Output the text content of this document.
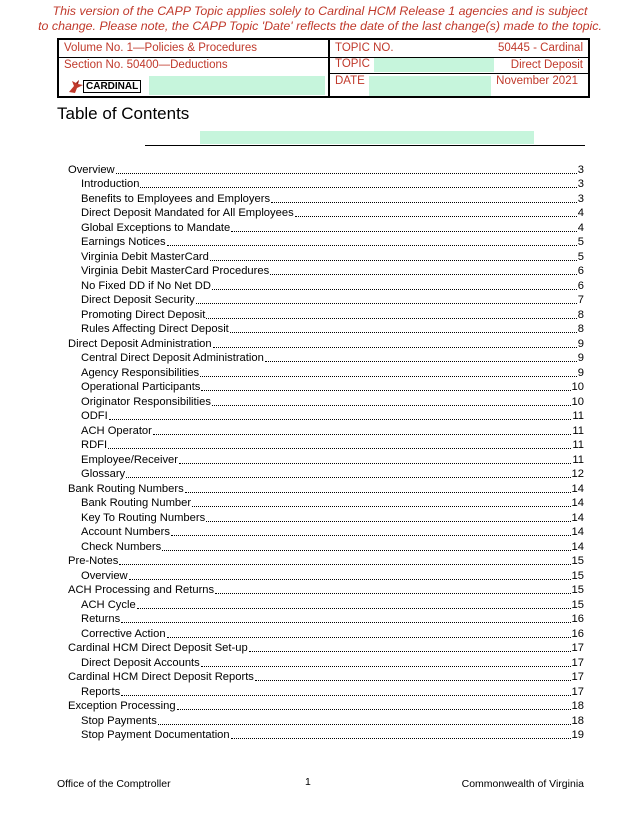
This version of the CAPP Topic applies solely to Cardinal HCM Release 1 agencies and is subject
to change. Please note, the CAPP Topic 'Date' reflects the date of the last change(s) made to the topic.
Volume No. 1—Policies & Procedures
Section No. 50400—Deductions
CARDINAL
TOPIC NO.	50445 - Cardinal
TOPIC	Direct Deposit
DATE	November 2021
Table of Contents
Overview	3
Introduction	3
Benefits to Employees and Employers	3
Direct Deposit Mandated for All Employees	4
Global Exceptions to Mandate	4
Earnings Notices	5
Virginia Debit MasterCard	5
Virginia Debit MasterCard Procedures	6
No Fixed DD if No Net DD	6
Direct Deposit Security	7
Promoting Direct Deposit	8
Rules Affecting Direct Deposit	8
Direct Deposit Administration	9
Central Direct Deposit Administration	9
Agency Responsibilities	9
Operational Participants	10
Originator Responsibilities	10
ODFI	11
ACH Operator	11
RDFI	11
Employee/Receiver	11
Glossary	12
Bank Routing Numbers	14
Bank Routing Number	14
Key To Routing Numbers	14
Account Numbers	14
Check Numbers	14
Pre-Notes	15
Overview	15
ACH Processing and Returns	15
ACH Cycle	15
Returns	16
Corrective Action	16
Cardinal HCM Direct Deposit Set-up	17
Direct Deposit Accounts	17
Cardinal HCM Direct Deposit Reports	17
Reports	17
Exception Processing	18
Stop Payments	18
Stop Payment Documentation	19
Office of the Comptroller	1	Commonwealth of Virginia
